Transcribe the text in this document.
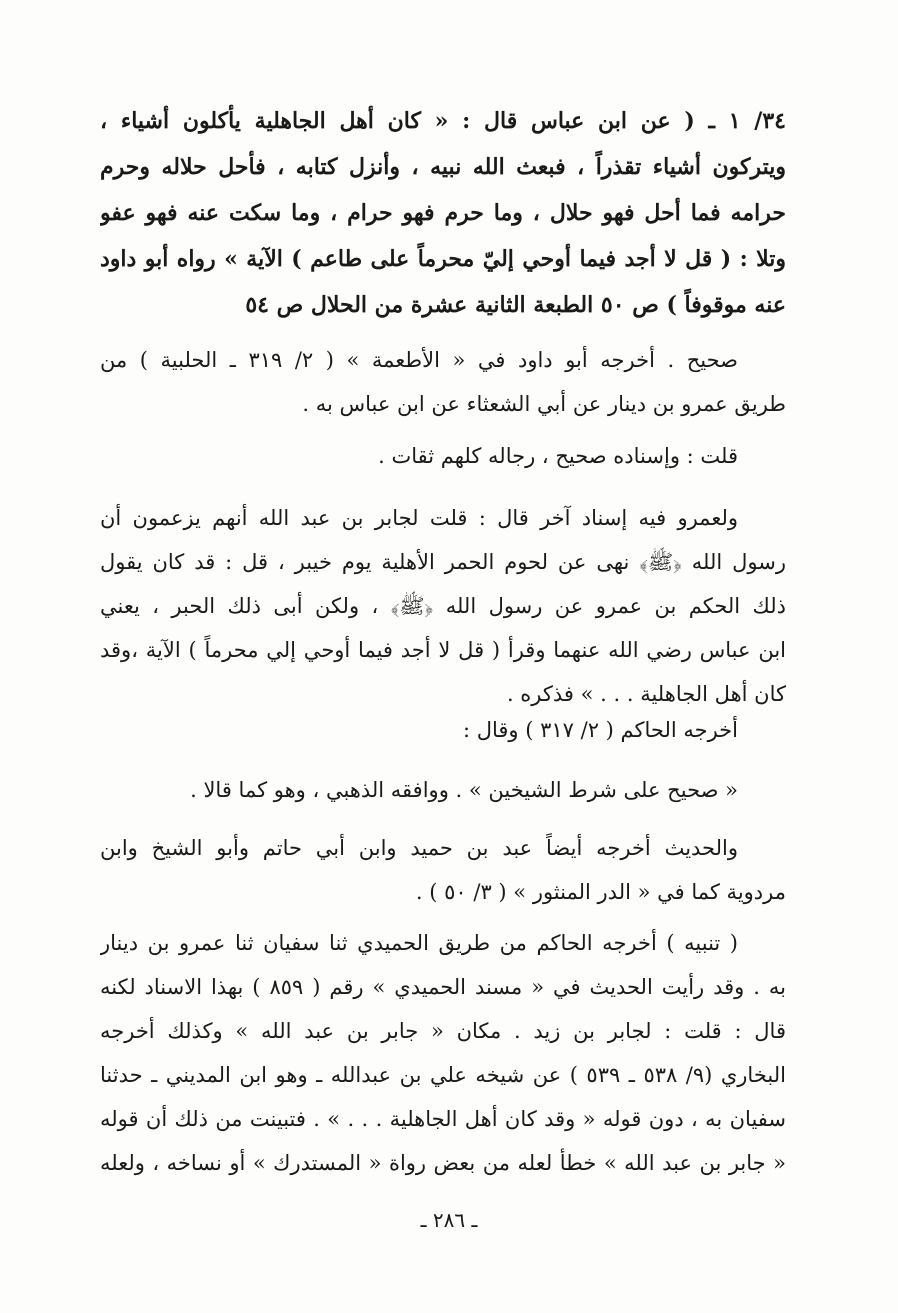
٣٤/ ١ ـ ( عن ابن عباس قال : « كان أهل الجاهلية يأكلون أشياء ،
ويتركون أشياء تقذراً ، فبعث الله نبيه ، وأنزل كتابه ، فأحل حلاله وحرم
حرامه فما أحل فهو حلال ، وما حرم فهو حرام ، وما سكت عنه فهو عفو
وتلا : ( قل لا أجد فيما أوحي إليّ محرماً على طاعم ) الآية » رواه أبو داود
عنه موقوفاً ) ص ٥٠ الطبعة الثانية عشرة من الحلال ص ٥٤
صحيح . أخرجه أبو داود في « الأطعمة » ( ٢/ ٣١٩ ـ الحلبية ) من
طريق عمرو بن دينار عن أبي الشعثاء عن ابن عباس به .
قلت : وإسناده صحيح ، رجاله كلهم ثقات .
ولعمرو فيه إسناد آخر قال : قلت لجابر بن عبد الله أنهم يزعمون أن
رسول الله ﴿ﷺ﴾ نهى عن لحوم الحمر الأهلية يوم خيبر ، قل : قد كان يقول
ذلك الحكم بن عمرو عن رسول الله ﴿ﷺ﴾ ، ولكن أبى ذلك الحبر ، يعني
ابن عباس رضي الله عنهما وقرأ ( قل لا أجد فيما أوحي إلي محرماً ) الآية ،وقد
كان أهل الجاهلية . . . » فذكره .
أخرجه الحاكم ( ٢/ ٣١٧ ) وقال :
« صحيح على شرط الشيخين » . ووافقه الذهبي ، وهو كما قالا .
والحديث أخرجه أيضاً عبد بن حميد وابن أبي حاتم وأبو الشيخ وابن
مردوية كما في « الدر المنثور » ( ٣/ ٥٠ ) .
( تنبيه ) أخرجه الحاكم من طريق الحميدي ثنا سفيان ثنا عمرو بن دينار
به . وقد رأيت الحديث في « مسند الحميدي » رقم ( ٨٥٩ ) بهذا الاسناد لكنه
قال : قلت : لجابر بن زيد . مكان « جابر بن عبد الله » وكذلك أخرجه
البخاري (٩/ ٥٣٨ ـ ٥٣٩ ) عن شيخه علي بن عبدالله ـ وهو ابن المديني ـ حدثنا
سفيان به ، دون قوله « وقد كان أهل الجاهلية . . . » . فتبينت من ذلك أن قوله
« جابر بن عبد الله » خطأ لعله من بعض رواة « المستدرك » أو نساخه ، ولعله
ـ ٢٨٦ ـ
